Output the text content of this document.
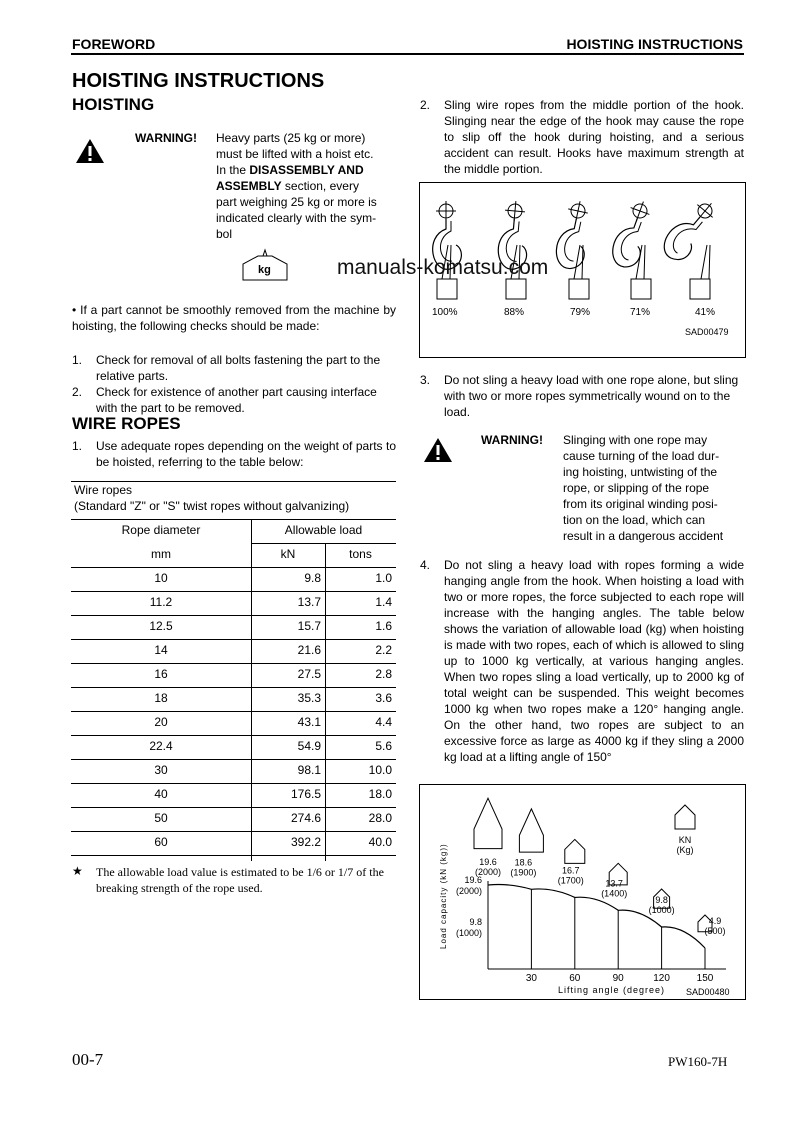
FOREWORD	HOISTING INSTRUCTIONS
HOISTING INSTRUCTIONS
HOISTING
WARNING! Heavy parts (25 kg or more)
must be lifted with a hoist etc.
In the DISASSEMBLY AND
ASSEMBLY section, every
part weighing 25 kg or more is
indicated clearly with the sym-
bol
kg
• If a part cannot be smoothly removed from the machine by hoisting, the following checks should be made:
1. Check for removal of all bolts fastening the part to the relative parts.
2. Check for existence of another part causing interface with the part to be removed.
WIRE ROPES
1. Use adequate ropes depending on the weight of parts to be hoisted, referring to the table below:
Wire ropes
(Standard "Z" or "S" twist ropes without galvanizing)
Rope diameter	Allowable load
mm	kN	tons
10	9.8	1.0
11.2	13.7	1.4
12.5	15.7	1.6
14	21.6	2.2
16	27.5	2.8
18	35.3	3.6
20	43.1	4.4
22.4	54.9	5.6
30	98.1	10.0
40	176.5	18.0
50	274.6	28.0
60	392.2	40.0
★ The allowable load value is estimated to be 1/6 or 1/7 of the breaking strength of the rope used.
2. Sling wire ropes from the middle portion of the hook. Slinging near the edge of the hook may cause the rope to slip off the hook during hoisting, and a serious accident can result. Hooks have maximum strength at the middle portion.
100%	88%	79%	71%	41%
SAD00479
manuals-komatsu.com
3. Do not sling a heavy load with one rope alone, but sling with two or more ropes symmetrically wound on to the load.
WARNING! Slinging with one rope may
cause turning of the load dur-
ing hoisting, untwisting of the
rope, or slipping of the rope
from its original winding posi-
tion on the load, which can
result in a dangerous accident
4. Do not sling a heavy load with ropes forming a wide hanging angle from the hook. When hoisting a load with two or more ropes, the force subjected to each rope will increase with the hanging angles. The table below shows the variation of allowable load (kg) when hoisting is made with two ropes, each of which is allowed to sling up to 1000 kg vertically, at various hanging angles. When two ropes sling a load vertically, up to 2000 kg of total weight can be suspended. This weight becomes 1000 kg when two ropes make a 120° hanging angle. On the other hand, two ropes are subject to an excessive force as large as 4000 kg if they sling a 2000 kg load at a lifting angle of 150°
30	60	90	120	150
Lifting angle (degree)
19.6
(2000)
9.8
(1000)
Load capacity (kN (kg))	18.6
(1900)	16.7
(1700) 13.7
(1400)
9.8
(1000)
4.9
(500)
19.6
(2000)
KN
(Kg)
SAD00480
00-7	PW160-7H
